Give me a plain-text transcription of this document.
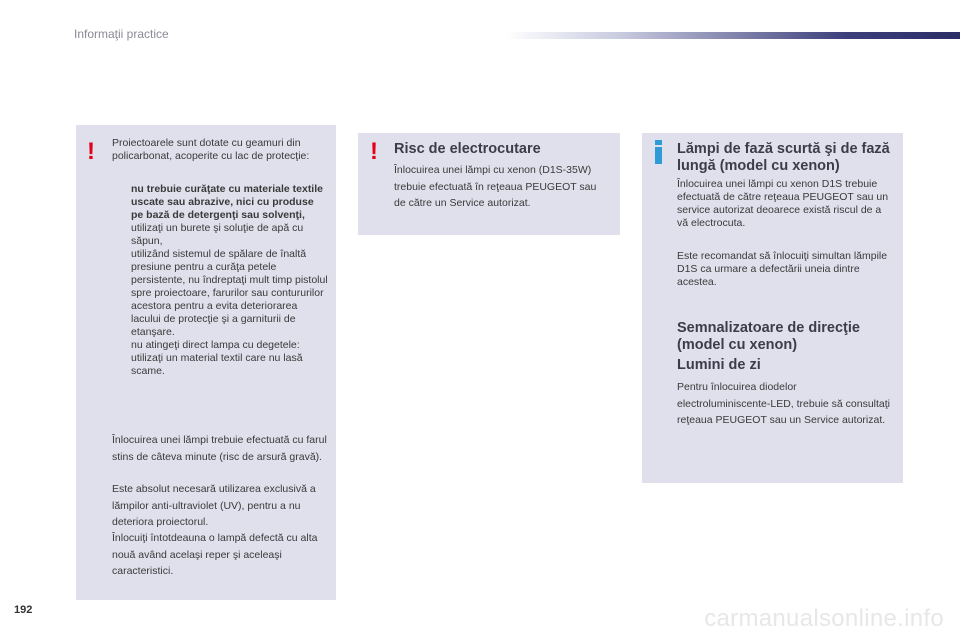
Informaţii practice
! Proiectoarele sunt dotate cu geamuri din policarbonat, acoperite cu lac de protecţie:
nu trebuie curăţate cu materiale textile uscate sau abrazive, nici cu produse pe bază de detergenţi sau solvenţi,
utilizaţi un burete şi soluţie de apă cu săpun,
utilizând sistemul de spălare de înaltă presiune pentru a curăţa petele persistente, nu îndreptaţi mult timp pistolul spre proiectoare, farurilor sau contururilor acestora pentru a evita deteriorarea lacului de protecţie şi a garniturii de etanşare.
nu atingeţi direct lampa cu degetele: utilizaţi un material textil care nu lasă scame.

Înlocuirea unei lămpi trebuie efectuată cu farul stins de câteva minute (risc de arsură gravă).

Este absolut necesară utilizarea exclusivă a lămpilor anti-ultraviolet (UV), pentru a nu deteriora proiectorul.

Înlocuiţi întotdeauna o lampă defectă cu alta nouă având acelaşi reper şi aceleaşi caracteristici.

! Risc de electrocutare

Înlocuirea unei lămpi cu xenon (D1S-35W) trebuie efectuată în reţeaua PEUGEOT sau de către un Service autorizat.

Lămpi de fază scurtă şi de fază lungă (model cu xenon)

Înlocuirea unei lămpi cu xenon D1S trebuie efectuată de către reţeaua PEUGEOT sau un service autorizat deoarece există riscul de a vă electrocuta.

Este recomandat să înlocuiţi simultan lămpile D1S ca urmare a defectării uneia dintre acestea.

Semnalizatoare de direcţie (model cu xenon)
Lumini de zi

Pentru înlocuirea diodelor electroluminiscente-LED, trebuie să consultaţi reţeaua PEUGEOT sau un Service autorizat.

192	carmanualsonline.info
